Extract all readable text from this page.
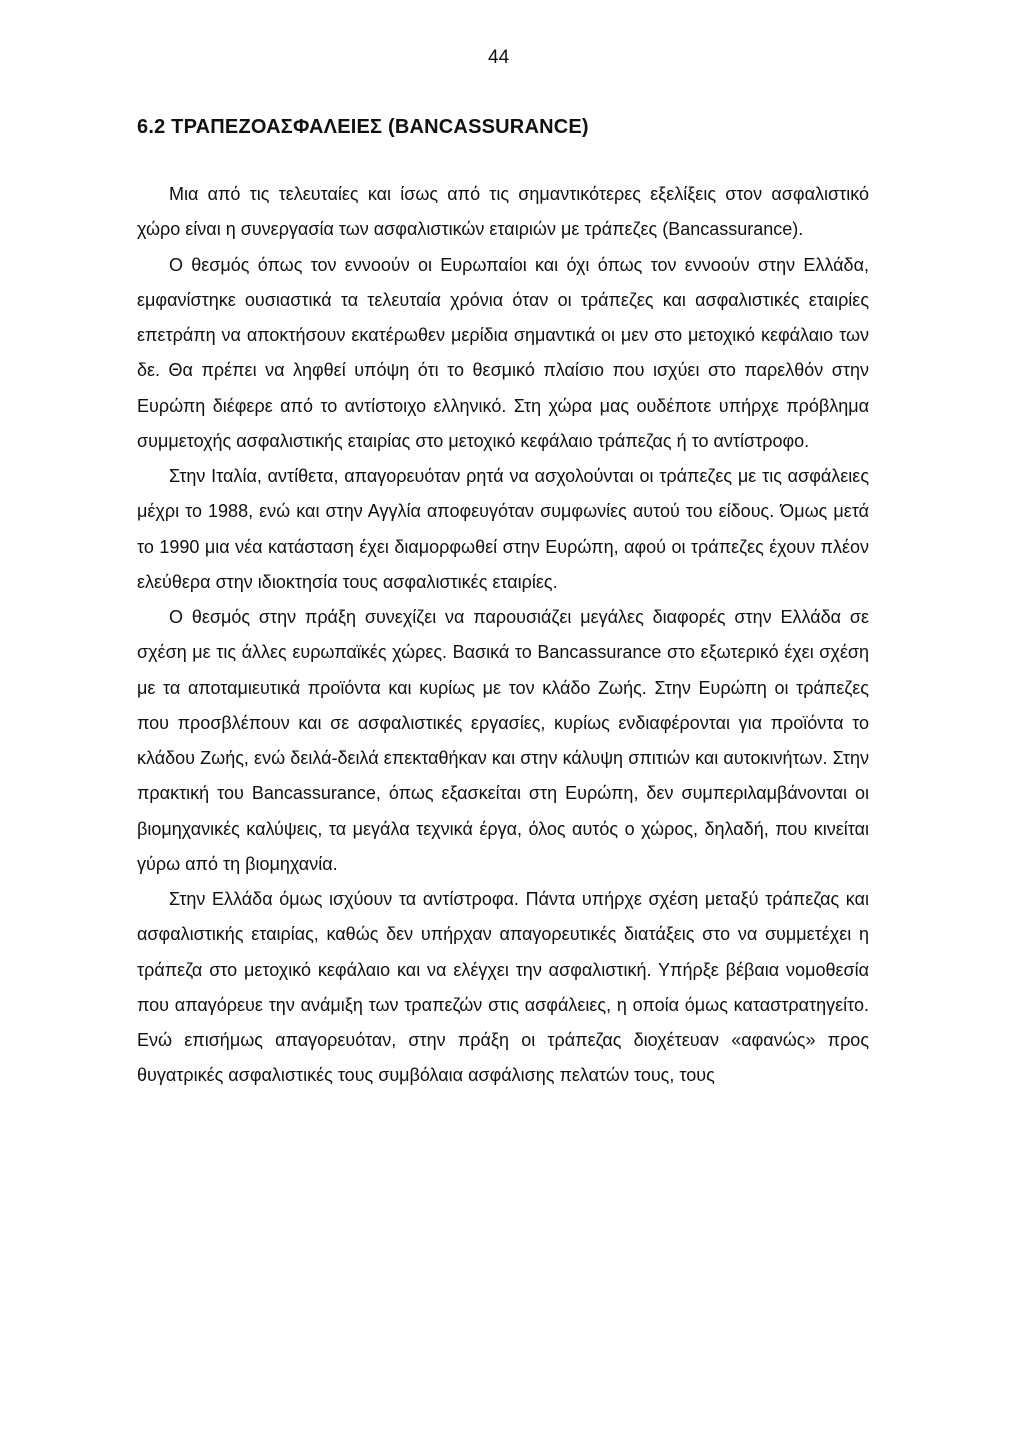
44
6.2 ΤΡΑΠΕΖΟΑΣΦΑΛΕΙΕΣ (BANCASSURANCE)

Μια από τις τελευταίες και ίσως από τις σημαντικότερες εξελίξεις στον ασφαλιστικό χώρο είναι η συνεργασία των ασφαλιστικών εταιριών με τράπεζες (Bancassurance).

Ο θεσμός όπως τον εννοούν οι Ευρωπαίοι και όχι όπως τον εννοούν στην Ελλάδα, εμφανίστηκε ουσιαστικά τα τελευταία χρόνια όταν οι τράπεζες και ασφαλιστικές εταιρίες επετράπη να αποκτήσουν εκατέρωθεν μερίδια σημαντικά οι μεν στο μετοχικό κεφάλαιο των δε. Θα πρέπει να ληφθεί υπόψη ότι το θεσμικό πλαίσιο που ισχύει στο παρελθόν στην Ευρώπη διέφερε από το αντίστοιχο ελληνικό. Στη χώρα μας ουδέποτε υπήρχε πρόβλημα συμμετοχής ασφαλιστικής εταιρίας στο μετοχικό κεφάλαιο τράπεζας ή το αντίστροφο.

Στην Ιταλία, αντίθετα, απαγορευόταν ρητά να ασχολούνται οι τράπεζες με τις ασφάλειες μέχρι το 1988, ενώ και στην Αγγλία αποφευγόταν συμφωνίες αυτού του είδους. Όμως μετά το 1990 μια νέα κατάσταση έχει διαμορφωθεί στην Ευρώπη, αφού οι τράπεζες έχουν πλέον ελεύθερα στην ιδιοκτησία τους ασφαλιστικές εταιρίες.

Ο θεσμός στην πράξη συνεχίζει να παρουσιάζει μεγάλες διαφορές στην Ελλάδα σε σχέση με τις άλλες ευρωπαϊκές χώρες. Βασικά το Bancassurance στο εξωτερικό έχει σχέση με τα αποταμιευτικά προϊόντα και κυρίως με τον κλάδο Ζωής. Στην Ευρώπη οι τράπεζες που προσβλέπουν και σε ασφαλιστικές εργασίες, κυρίως ενδιαφέρονται για προϊόντα το κλάδου Ζωής, ενώ δειλά-δειλά επεκταθήκαν και στην κάλυψη σπιτιών και αυτοκινήτων. Στην πρακτική του Bancassurance, όπως εξασκείται στη Ευρώπη, δεν συμπεριλαμβάνονται οι βιομηχανικές καλύψεις, τα μεγάλα τεχνικά έργα, όλος αυτός ο χώρος, δηλαδή, που κινείται γύρω από τη βιομηχανία.

Στην Ελλάδα όμως ισχύουν τα αντίστροφα. Πάντα υπήρχε σχέση μεταξύ τράπεζας και ασφαλιστικής εταιρίας, καθώς δεν υπήρχαν απαγορευτικές διατάξεις στο να συμμετέχει η τράπεζα στο μετοχικό κεφάλαιο και να ελέγχει την ασφαλιστική. Υπήρξε βέβαια νομοθεσία που απαγόρευε την ανάμιξη των τραπεζών στις ασφάλειες, η οποία όμως καταστρατηγείτο. Ενώ επισήμως απαγορευόταν, στην πράξη οι τράπεζας διοχέτευαν «αφανώς» προς θυγατρικές ασφαλιστικές τους συμβόλαια ασφάλισης πελατών τους, τους
